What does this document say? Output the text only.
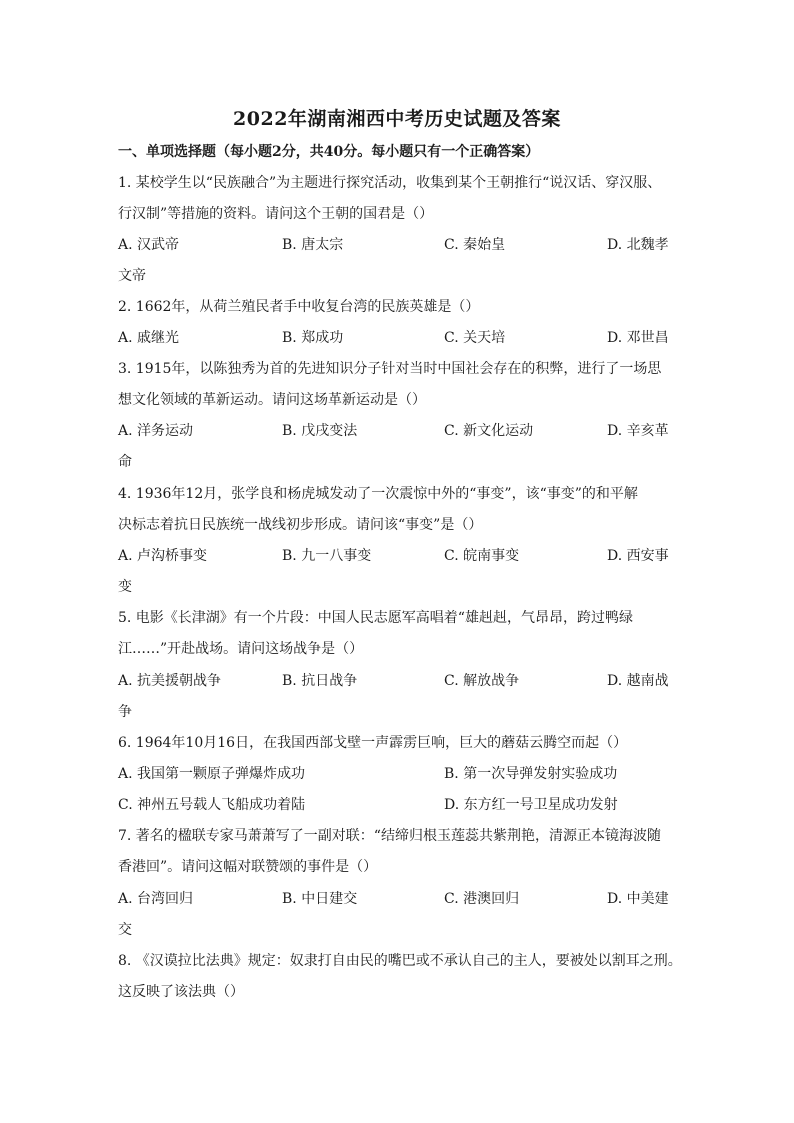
2022年湖南湘西中考历史试题及答案
一、单项选择题（每小题2分，共40分。每小题只有一个正确答案）
1. 某校学生以“民族融合”为主题进行探究活动，收集到某个王朝推行“说汉话、穿汉服、
行汉制”等措施的资料。请问这个王朝的国君是（）
A. 汉武帝	B. 唐太宗	C. 秦始皇	D. 北魏孝
文帝
2. 1662年，从荷兰殖民者手中收复台湾的民族英雄是（）
A. 戚继光	B. 郑成功	C. 关天培	D. 邓世昌
3. 1915年，以陈独秀为首的先进知识分子针对当时中国社会存在的积弊，进行了一场思
想文化领域的革新运动。请问这场革新运动是（）
A. 洋务运动	B. 戊戌变法	C. 新文化运动	D. 辛亥革
命
4. 1936年12月，张学良和杨虎城发动了一次震惊中外的“事变”，该“事变”的和平解
决标志着抗日民族统一战线初步形成。请问该“事变”是（）
A. 卢沟桥事变	B. 九一八事变	C. 皖南事变	D. 西安事
变
5. 电影《长津湖》有一个片段：中国人民志愿军高唱着“雄赳赳，气昂昂，跨过鸭绿
江……”开赴战场。请问这场战争是（）
A. 抗美援朝战争	B. 抗日战争	C. 解放战争	D. 越南战
争
6. 1964年10月16日，在我国西部戈壁一声霹雳巨响，巨大的蘑菇云腾空而起（）
A. 我国第一颗原子弹爆炸成功	B. 第一次导弹发射实验成功
C. 神州五号载人飞船成功着陆	D. 东方红一号卫星成功发射
7. 著名的楹联专家马萧萧写了一副对联：“结缔归根玉莲蕊共紫荆艳，清源正本镜海波随
香港回”。请问这幅对联赞颂的事件是（）
A. 台湾回归	B. 中日建交	C. 港澳回归	D. 中美建
交
8. 《汉谟拉比法典》规定：奴隶打自由民的嘴巴或不承认自己的主人，要被处以割耳之刑。
这反映了该法典（）
